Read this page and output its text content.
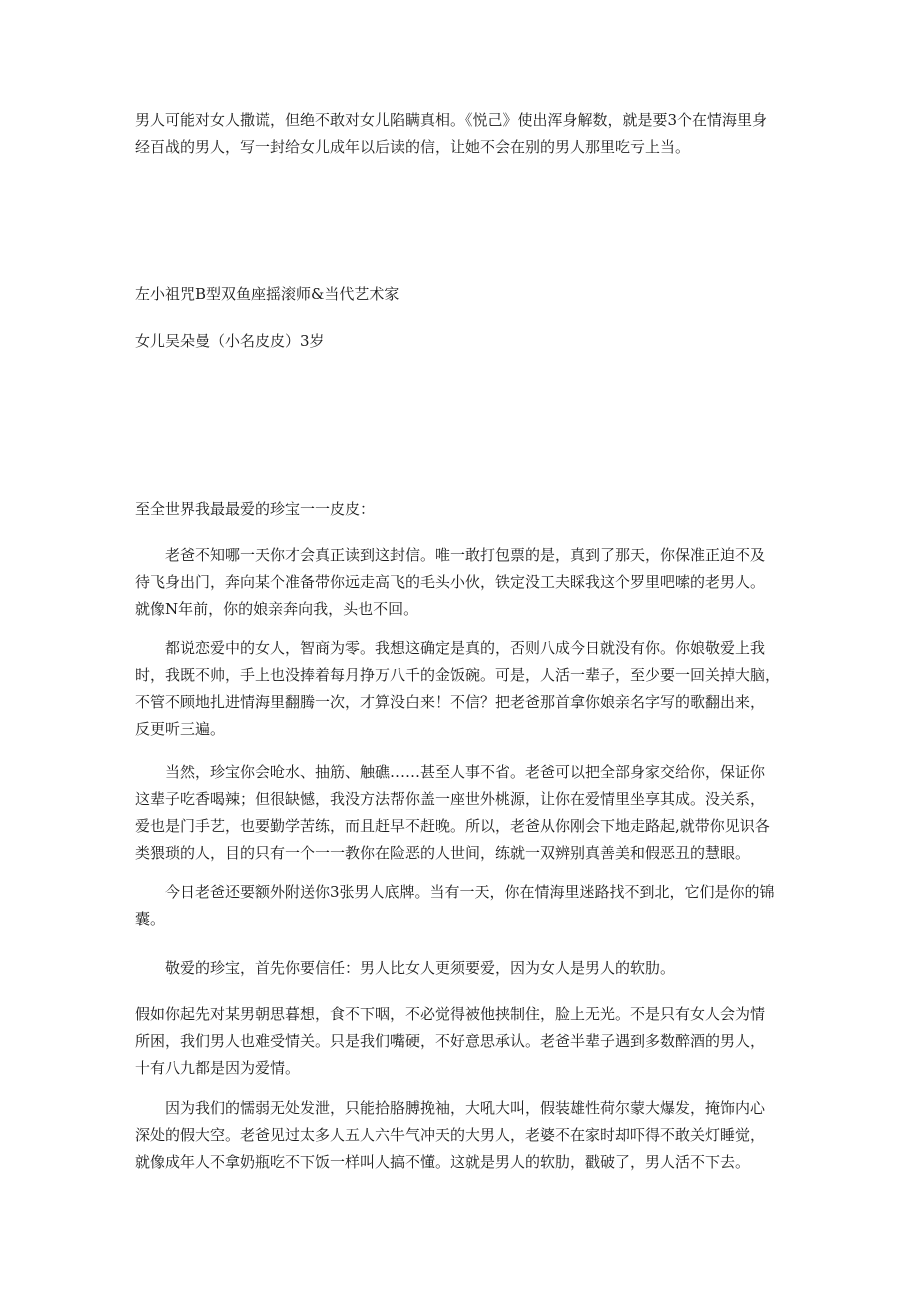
男人可能对女人撒谎，但绝不敢对女儿陷瞒真相。《悦己》使出浑身解数，就是要3个在情海里身
经百战的男人，写一封给女儿成年以后读的信，让她不会在别的男人那里吃亏上当。

左小祖咒B型双鱼座摇滚师&当代艺术家

女儿吴朵曼（小名皮皮）3岁

至全世界我最最爱的珍宝一一皮皮：

老爸不知哪一天你才会真正读到这封信。唯一敢打包票的是，真到了那天，你保准正迫不及
待飞身出门，奔向某个准备带你远走高飞的毛头小伙，铁定没工夫睬我这个罗里吧嗦的老男人。
就像N年前，你的娘亲奔向我，头也不回。

都说恋爱中的女人，智商为零。我想这确定是真的，否则八成今日就没有你。你娘敬爱上我
时，我既不帅，手上也没捧着每月挣万八千的金饭碗。可是，人活一辈子，至少要一回关掉大脑，
不管不顾地扎进情海里翻腾一次，才算没白来！不信？把老爸那首拿你娘亲名字写的歌翻出来，
反更听三遍。

当然，珍宝你会呛水、抽筋、触礁……甚至人事不省。老爸可以把全部身家交给你，保证你
这辈子吃香喝辣；但很缺憾，我没方法帮你盖一座世外桃源，让你在爱情里坐享其成。没关系，
爱也是门手艺，也要勤学苦练，而且赶早不赶晚。所以，老爸从你刚会下地走路起,就带你见识各
类猥琐的人，目的只有一个一一教你在险恶的人世间，练就一双辨别真善美和假恶丑的慧眼。

今日老爸还要额外附送你3张男人底牌。当有一天，你在情海里迷路找不到北，它们是你的锦
囊。

敬爱的珍宝，首先你要信任：男人比女人更须要爱，因为女人是男人的软肋。

假如你起先对某男朝思暮想，食不下咽，不必觉得被他挟制住，脸上无光。不是只有女人会为情
所困，我们男人也难受情关。只是我们嘴硬，不好意思承认。老爸半辈子遇到多数醉酒的男人，
十有八九都是因为爱情。

因为我们的懦弱无处发泄，只能拾胳膊挽袖，大吼大叫，假装雄性荷尔蒙大爆发，掩饰内心
深处的假大空。老爸见过太多人五人六牛气冲天的大男人，老婆不在家时却吓得不敢关灯睡觉，
就像成年人不拿奶瓶吃不下饭一样叫人搞不懂。这就是男人的软肋，戳破了，男人活不下去。
